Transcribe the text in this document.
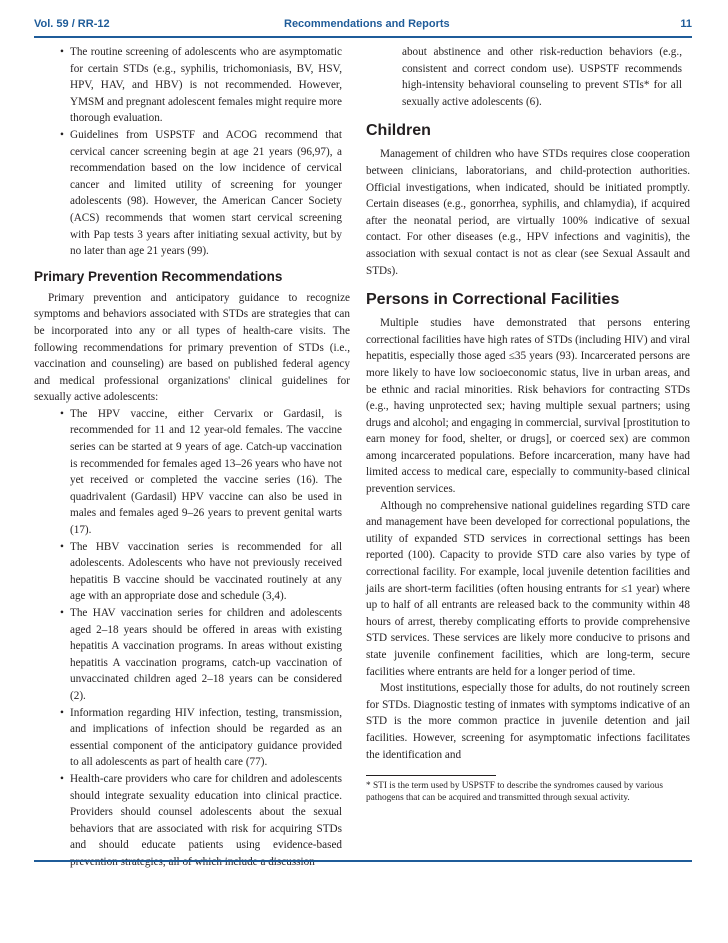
Vol. 59 / RR-12	Recommendations and Reports	11
• The routine screening of adolescents who are asymptomatic for certain STDs (e.g., syphilis, trichomoniasis, BV, HSV, HPV, HAV, and HBV) is not recommended. However, YMSM and pregnant adolescent females might require more thorough evaluation.
• Guidelines from USPSTF and ACOG recommend that cervical cancer screening begin at age 21 years (96,97), a recommendation based on the low incidence of cervical cancer and limited utility of screening for younger adolescents (98). However, the American Cancer Society (ACS) recommends that women start cervical screening with Pap tests 3 years after initiating sexual activity, but by no later than age 21 years (99).
Primary Prevention Recommendations

Primary prevention and anticipatory guidance to recognize symptoms and behaviors associated with STDs are strategies that can be incorporated into any or all types of health-care visits. The following recommendations for primary prevention of STDs (i.e., vaccination and counseling) are based on published federal agency and medical professional organizations' clinical guidelines for sexually active adolescents:

• The HPV vaccine, either Cervarix or Gardasil, is recommended for 11 and 12 year-old females. The vaccine series can be started at 9 years of age. Catch-up vaccination is recommended for females aged 13–26 years who have not yet received or completed the vaccine series (16). The quadrivalent (Gardasil) HPV vaccine can also be used in males and females aged 9–26 years to prevent genital warts (17).
• The HBV vaccination series is recommended for all adolescents. Adolescents who have not previously received hepatitis B vaccine should be vaccinated routinely at any age with an appropriate dose and schedule (3,4).
• The HAV vaccination series for children and adolescents aged 2–18 years should be offered in areas with existing hepatitis A vaccination programs. In areas without existing hepatitis A vaccination programs, catch-up vaccination of unvaccinated children aged 2–18 years can be considered (2).
• Information regarding HIV infection, testing, transmission, and implications of infection should be regarded as an essential component of the anticipatory guidance provided to all adolescents as part of health care (77).
• Health-care providers who care for children and adolescents should integrate sexuality education into clinical practice. Providers should counsel adolescents about the sexual behaviors that are associated with risk for acquiring STDs and should educate patients using evidence-based

about abstinence and other risk-reduction behaviors (e.g., consistent and correct condom use). USPSTF recommends high-intensity behavioral counseling to prevent STIs* for all sexually active adolescents (6).

Children

Management of children who have STDs requires close cooperation between clinicians, laboratorians, and child-protection authorities. Official investigations, when indicated, should be initiated promptly. Certain diseases (e.g., gonorrhea, syphilis, and chlamydia), if acquired after the neonatal period, are virtually 100% indicative of sexual contact. For other diseases (e.g., HPV infections and vaginitis), the association with sexual contact is not as clear (see Sexual Assault and STDs).

Persons in Correctional Facilities

Multiple studies have demonstrated that persons entering correctional facilities have high rates of STDs (including HIV) and viral hepatitis, especially those aged ≤35 years (93). Incarcerated persons are more likely to have low socioeconomic status, live in urban areas, and be ethnic and racial minorities. Risk behaviors for contracting STDs (e.g., having unprotected sex; having multiple sexual partners; using drugs and alcohol; and engaging in commercial, survival [prostitution to earn money for food, shelter, or drugs], or coerced sex) are common among incarcerated populations. Before incarceration, many have had limited access to medical care, especially to community-based clinical prevention services.

Although no comprehensive national guidelines regarding STD care and management have been developed for correctional populations, the utility of expanded STD services in correctional settings has been reported (100). Capacity to provide STD care also varies by type of correctional facility. For example, local juvenile detention facilities and jails are short-term facilities (often housing entrants for ≤1 year) where up to half of all entrants are released back to the community within 48 hours of arrest, thereby complicating efforts to provide comprehensive STD services. These services are likely more conducive to prisons and state juvenile confinement facilities, which are long-term, secure facilities where entrants are held for a longer period of time.

Most institutions, especially those for adults, do not routinely screen for STDs. Diagnostic testing of inmates with symptoms indicative of an STD is the more common practice in juvenile detention and jail facilities. However, screening for asymptomatic infections facilitates the identification and

* STI is the term used by USPSTF to describe the syndromes caused by various pathogens that can be acquired and transmitted through sexual activity.
